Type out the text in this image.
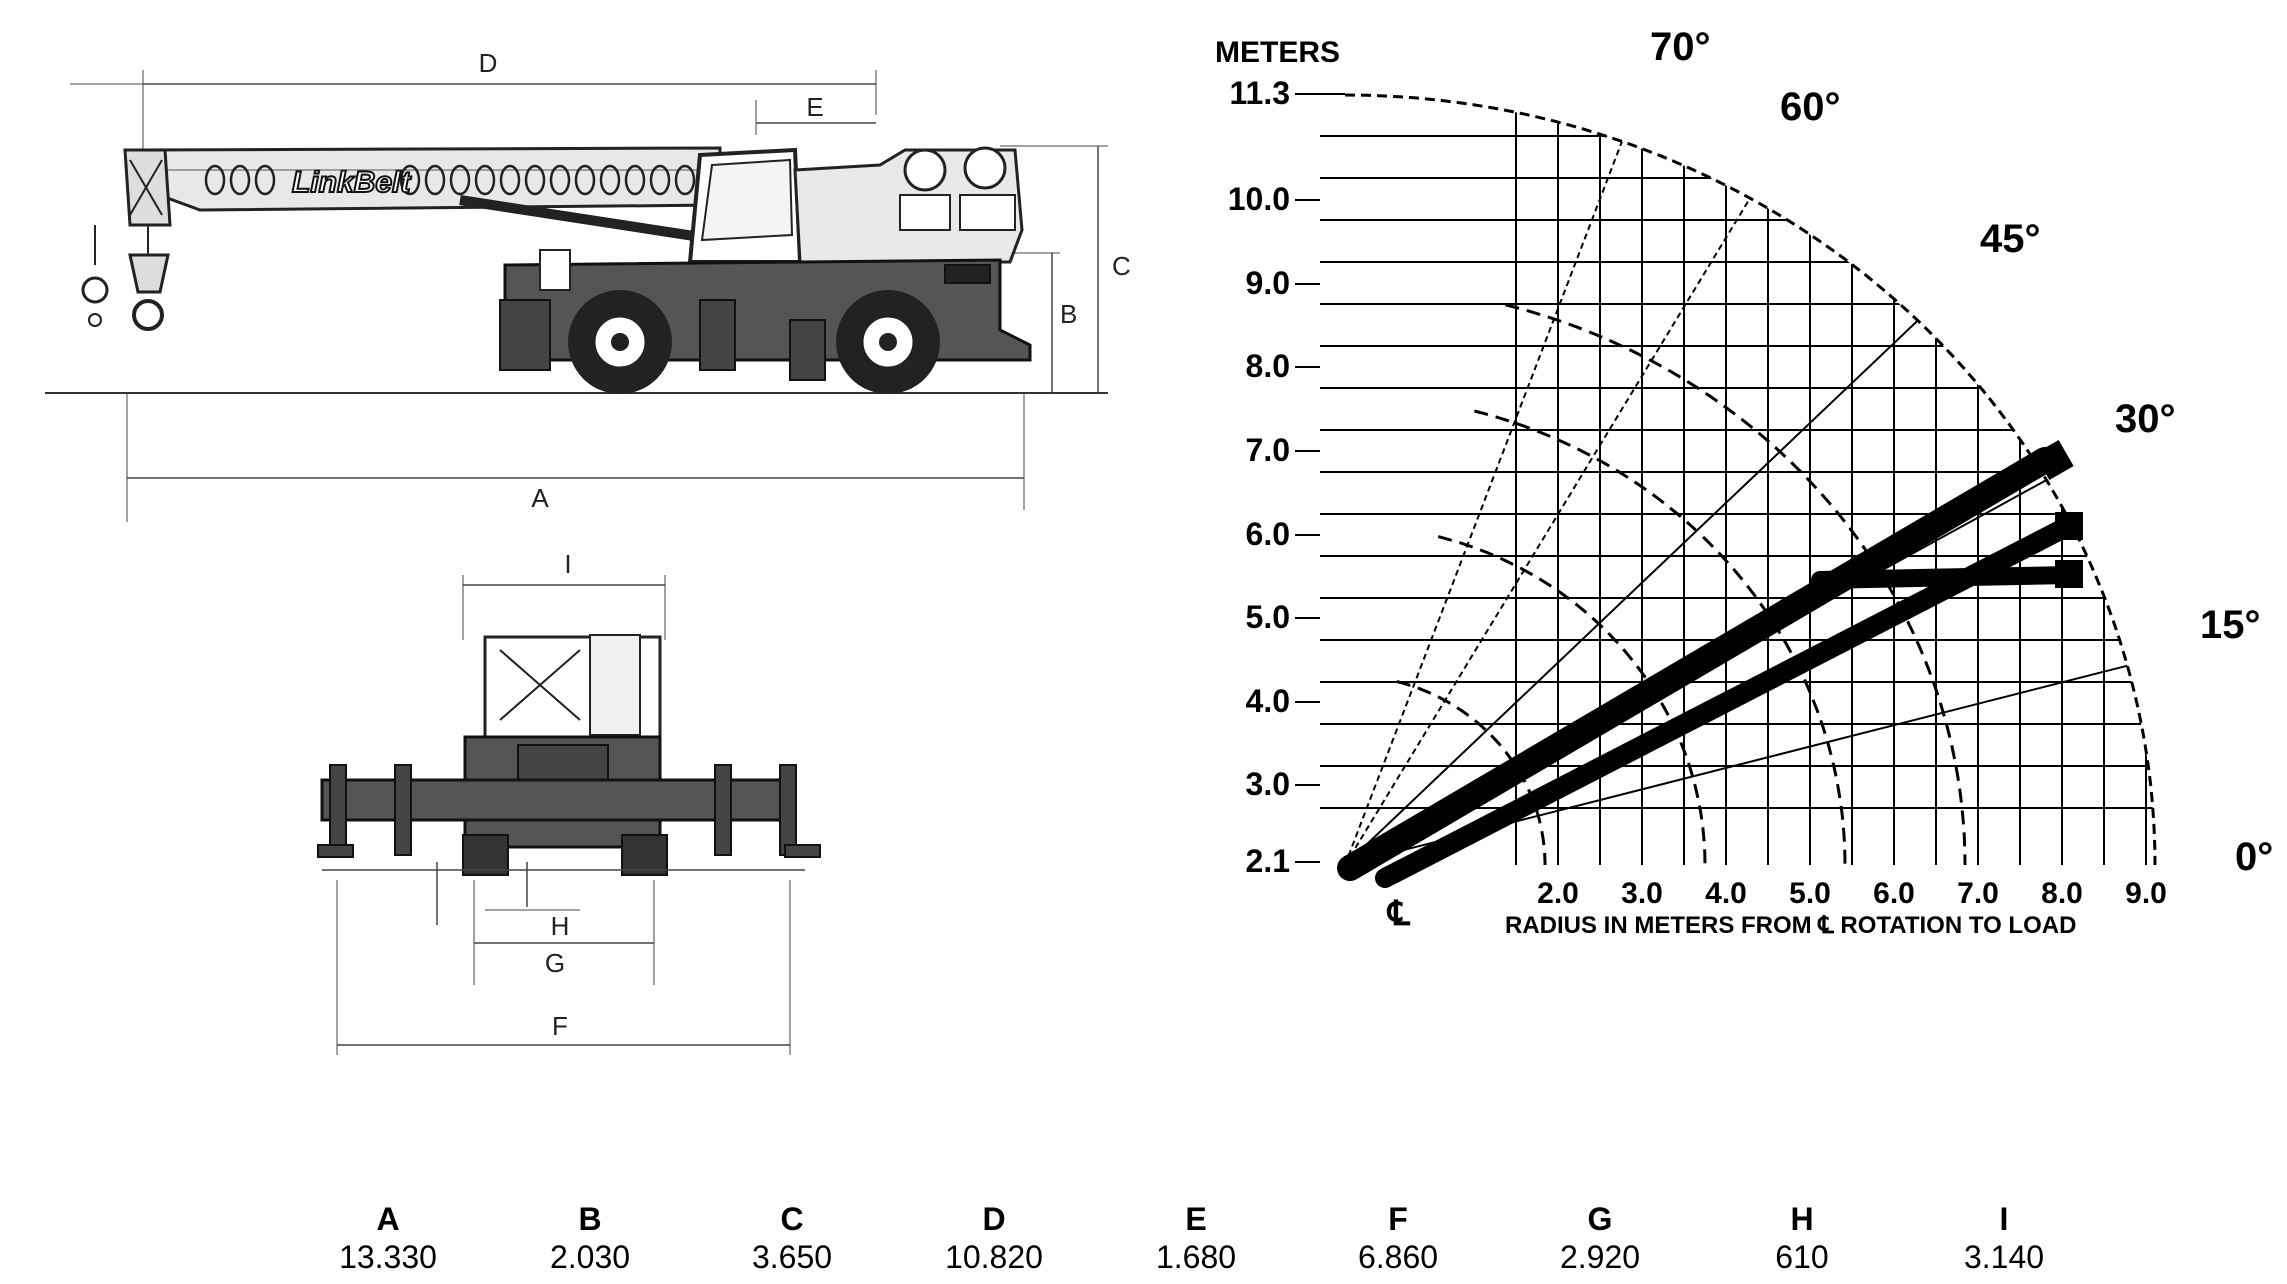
D
E
C
B
A
LinkBelt
I
H
G
F
METERS
11.3
10.0
9.0
8.0
7.0
6.0
5.0
4.0
3.0
2.1
2.0 3.0 4.0 5.0 6.0 7.0 8.0 9.0
70°
60°
45°
30°
15°
0°
RADIUS IN METERS FROM ℄ ROTATION TO LOAD
℄
A
13.330
B
2.030
C
3.650
D
10.820
E
1.680
F
6.860
G
2.920
H
610
I
3.140
